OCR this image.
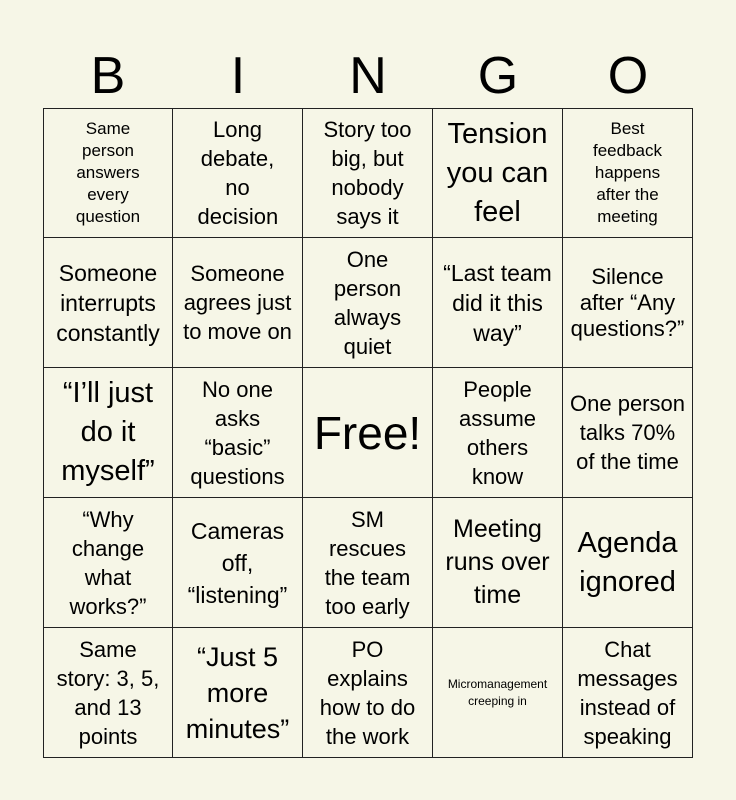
B	I	N	G	O
Same person answers every question
Long debate, no decision
Story too big, but nobody says it
Tension you can feel
Best feedback happens after the meeting
Someone interrupts constantly
Someone agrees just to move on
One person always quiet
“Last team did it this way”
Silence after “Any questions?”
“I’ll just do it myself”
No one asks “basic” questions
Free!
People assume others know
One person talks 70% of the time
“Why change what works?”
Cameras off, “listening”
SM rescues the team too early
Meeting runs over time
Agenda ignored
Same story: 3, 5, and 13 points
“Just 5 more minutes”
PO explains how to do the work
Micromanagement creeping in
Chat messages instead of speaking
